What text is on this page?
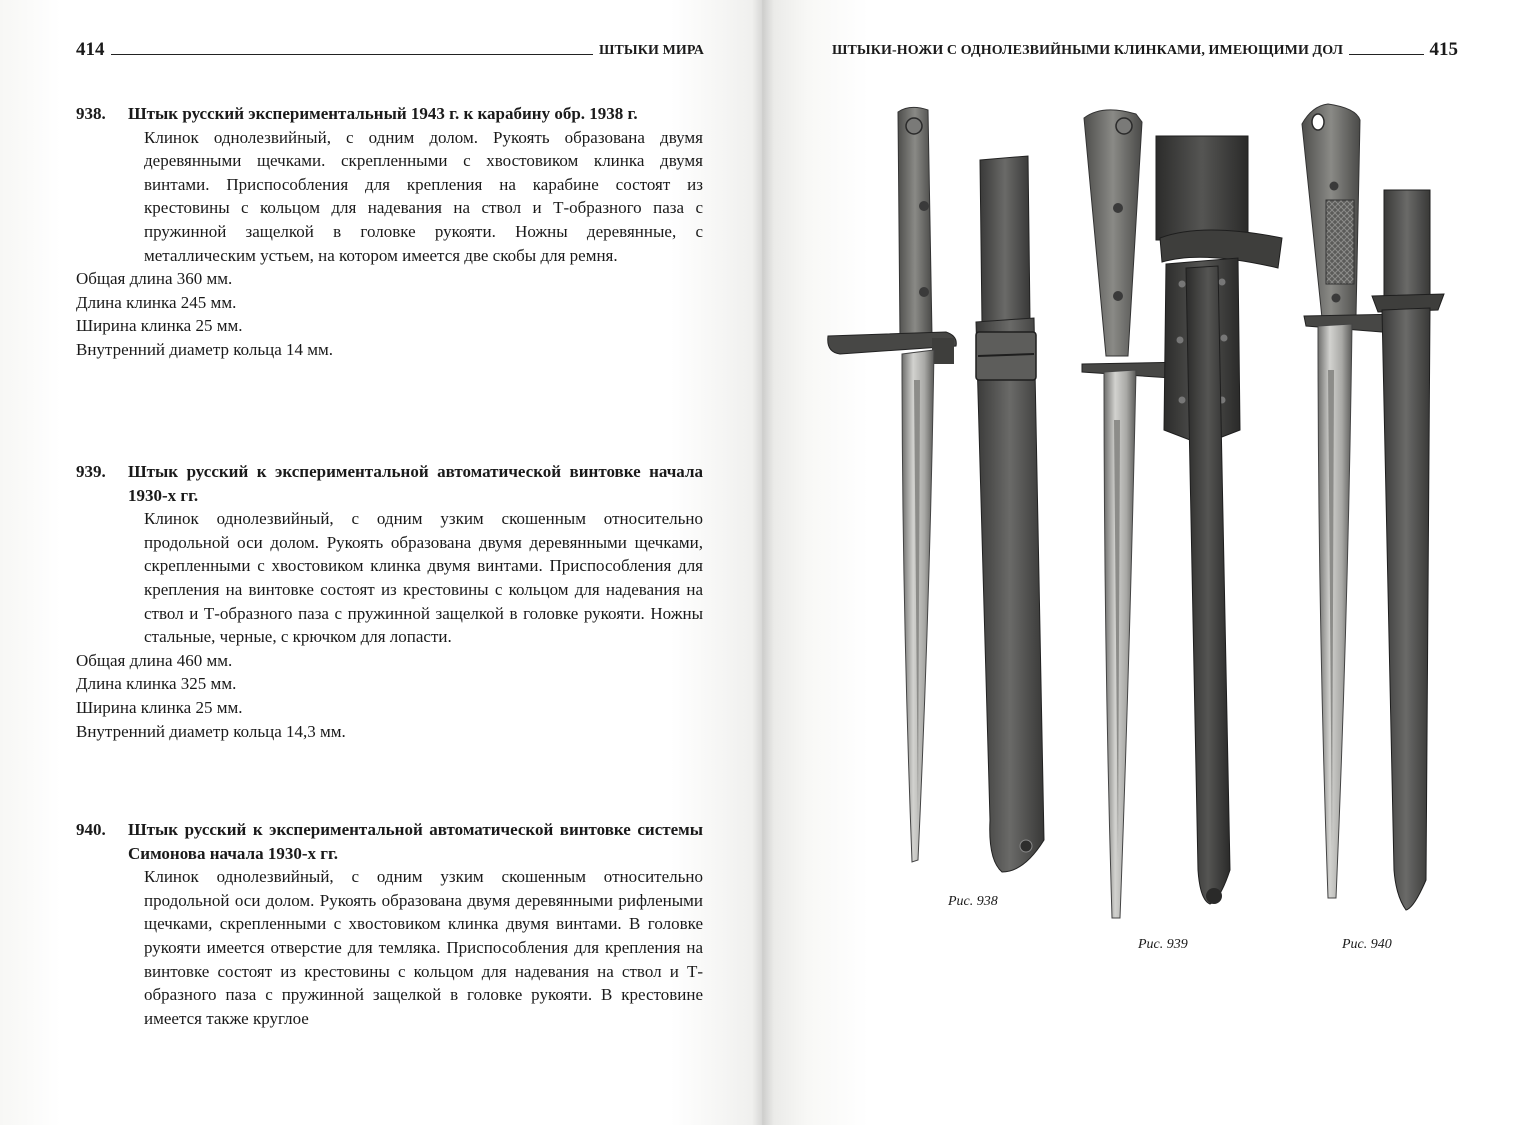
414	ШТЫКИ МИРА

938. Штык русский экспериментальный 1943 г. к карабину обр. 1938 г.

Клинок однолезвийный, с одним долом. Рукоять образована двумя деревянными щечками. скрепленными с хвостовиком клинка двумя винтами. Приспособления для крепления на карабине состоят из крестовины с кольцом для надевания на ствол и Т-образного паза с пружинной защелкой в головке рукояти. Ножны деревянные, с металлическим устьем, на котором имеется две скобы для ремня.

Общая длина 360 мм.

Длина клинка 245 мм.

Ширина клинка 25 мм.

Внутренний диаметр кольца 14 мм.

939. Штык русский к экспериментальной автоматической винтовке начала 1930-х гг.

Клинок однолезвийный, с одним узким скошенным относительно продольной оси долом. Рукоять образована двумя деревянными щечками, скрепленными с хвостовиком клинка двумя винтами. Приспособления для крепления на винтовке состоят из крестовины с кольцом для надевания на ствол и Т-образного паза с пружинной защелкой в головке рукояти. Ножны стальные, черные, с крючком для лопасти.

Общая длина 460 мм.

Длина клинка 325 мм.

Ширина клинка 25 мм.

Внутренний диаметр кольца 14,3 мм.

940. Штык русский к экспериментальной автоматической винтовке системы Симонова начала 1930-х гг.

Клинок однолезвийный, с одним узким скошенным относительно продольной оси долом. Рукоять образована двумя деревянными рифлеными щечками, скрепленными с хвостовиком клинка двумя винтами. В головке рукояти имеется отверстие для темляка. Приспособления для крепления на винтовке состоят из крестовины с кольцом для надевания на ствол и Т-образного паза с пружинной защелкой в головке рукояти. В крестовине имеется также круглое

ШТЫКИ-НОЖИ С ОДНОЛЕЗВИЙНЫМИ КЛИНКАМИ, ИМЕЮЩИМИ ДОЛ	415
Рис. 938
Рис. 939	Рис. 940
